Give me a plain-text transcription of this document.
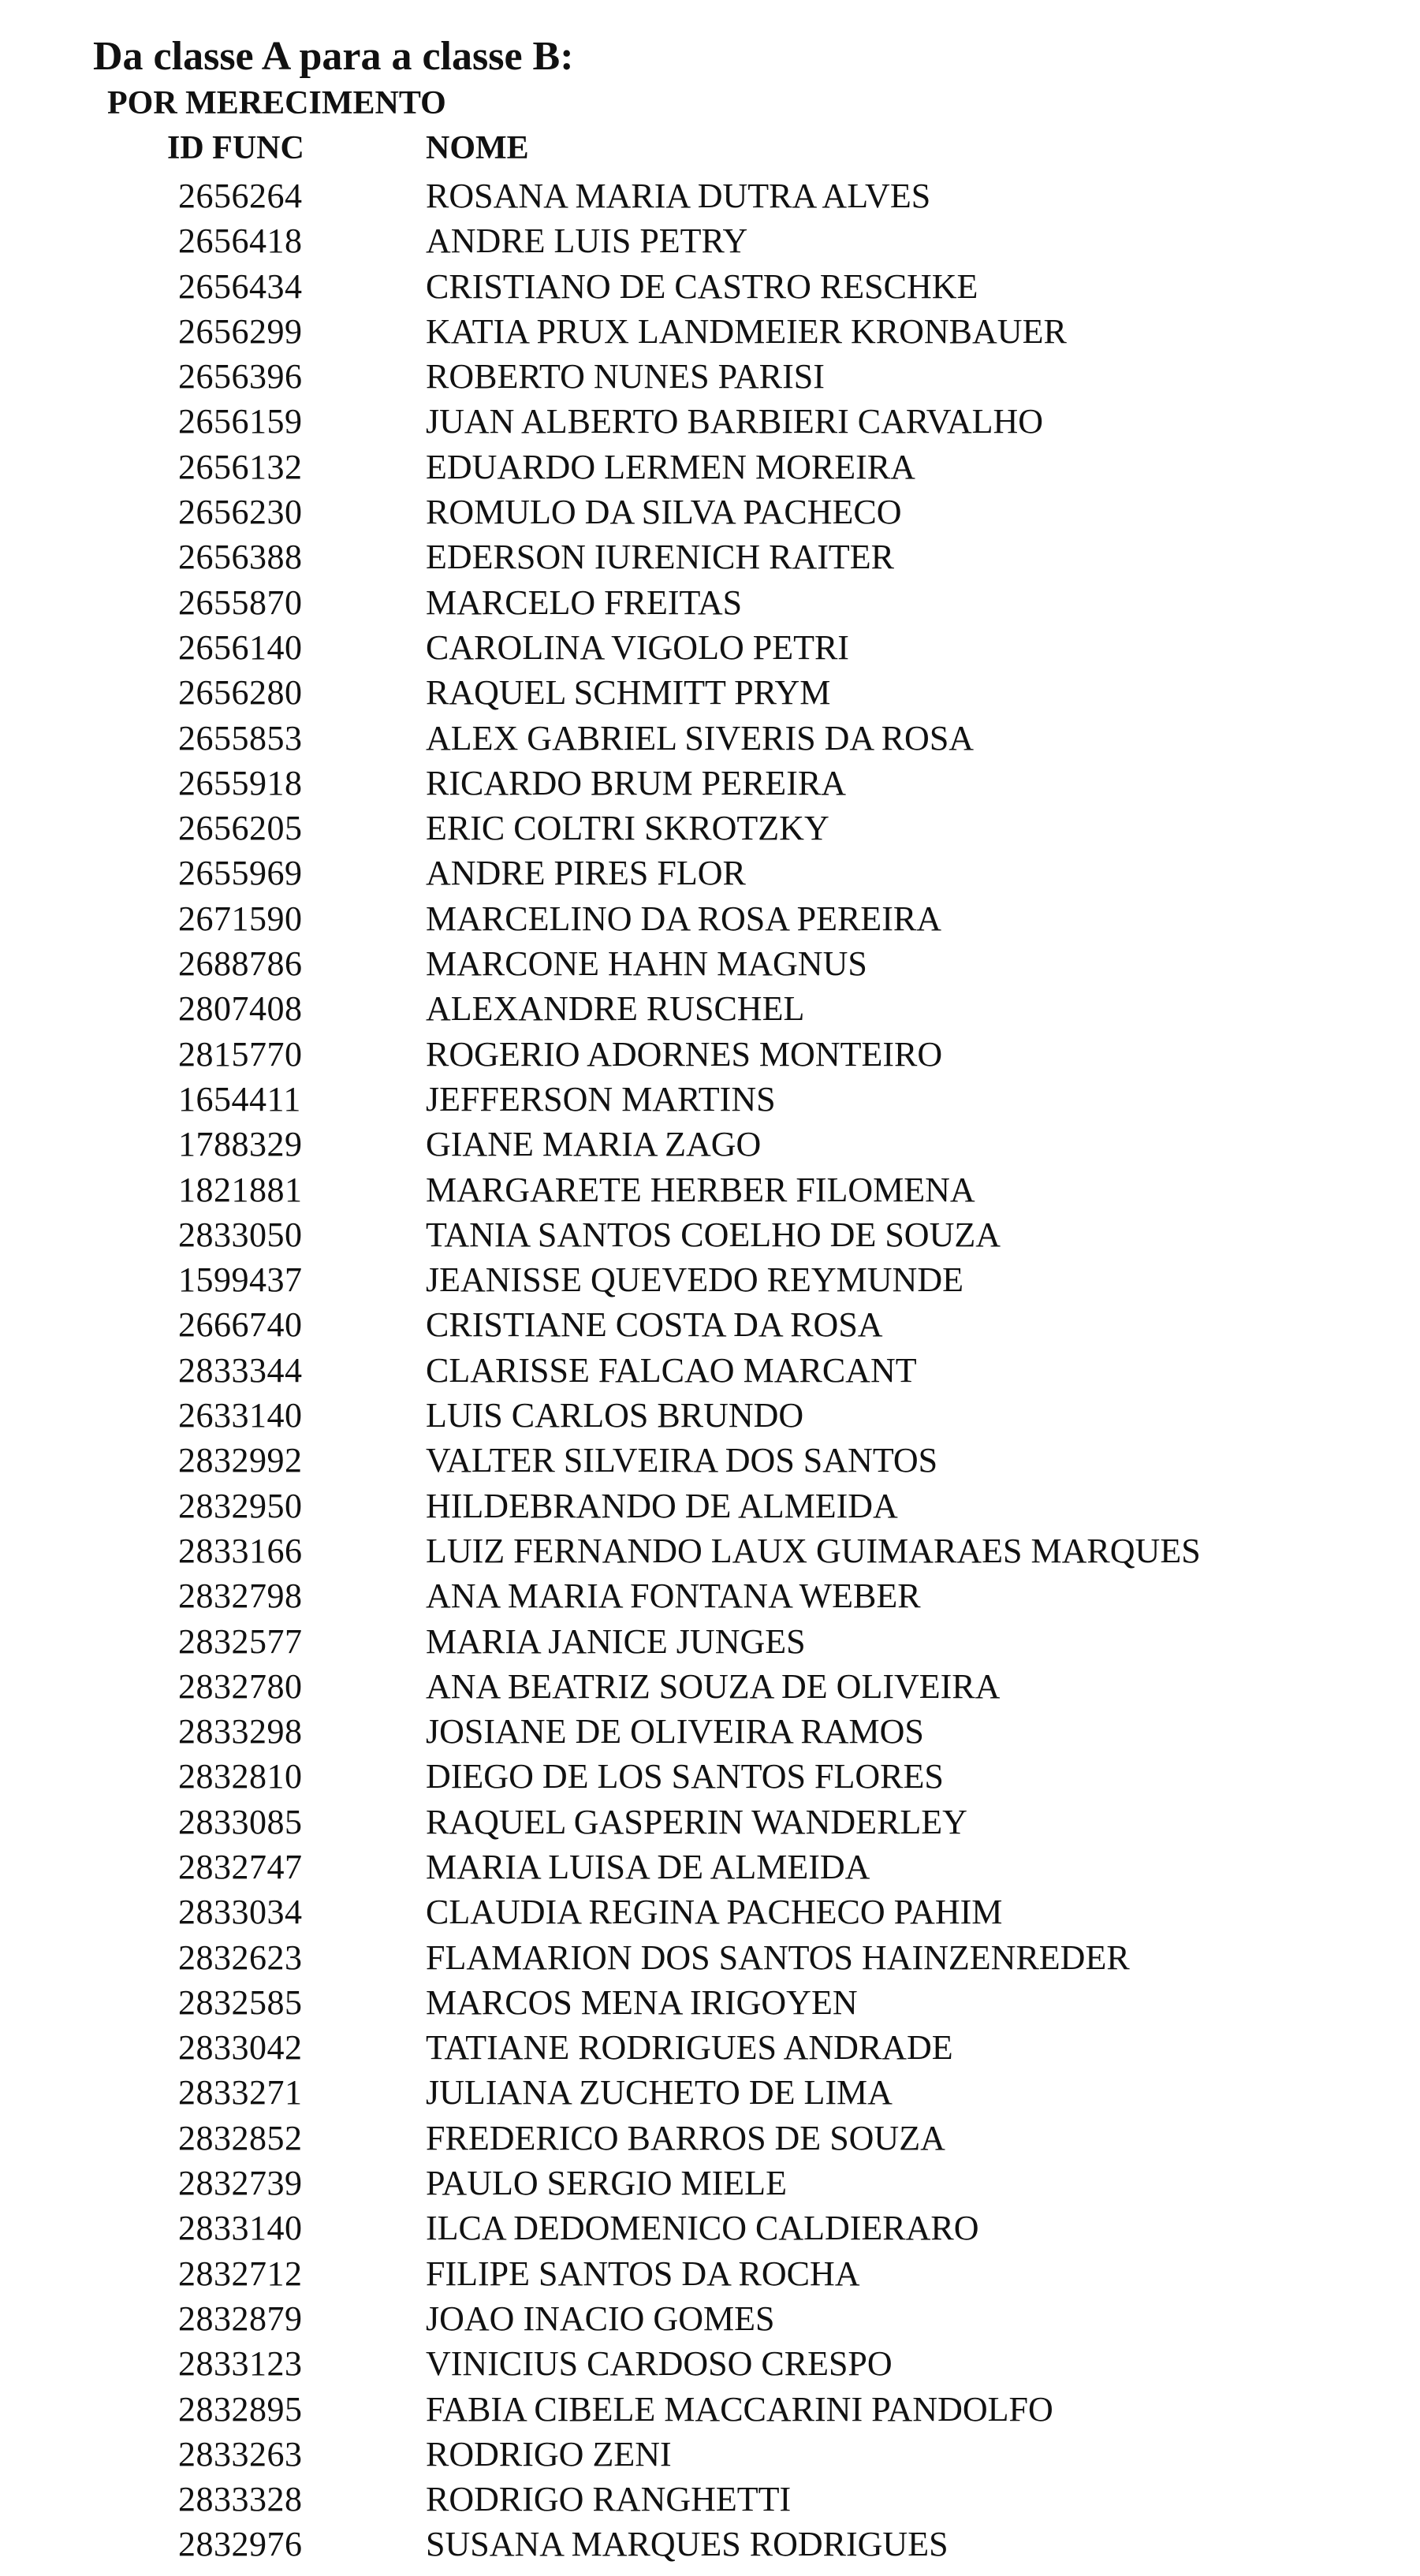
Da classe A para a classe B:
POR MERECIMENTO
ID FUNC	NOME
2656264	ROSANA MARIA DUTRA ALVES
2656418	ANDRE LUIS PETRY
2656434	CRISTIANO DE CASTRO RESCHKE
2656299	KATIA PRUX LANDMEIER KRONBAUER
2656396	ROBERTO NUNES PARISI
2656159	JUAN ALBERTO BARBIERI CARVALHO
2656132	EDUARDO LERMEN MOREIRA
2656230	ROMULO DA SILVA PACHECO
2656388	EDERSON IURENICH RAITER
2655870	MARCELO FREITAS
2656140	CAROLINA VIGOLO PETRI
2656280	RAQUEL SCHMITT PRYM
2655853	ALEX GABRIEL SIVERIS DA ROSA
2655918	RICARDO BRUM PEREIRA
2656205	ERIC COLTRI SKROTZKY
2655969	ANDRE PIRES FLOR
2671590	MARCELINO DA ROSA PEREIRA
2688786	MARCONE HAHN MAGNUS
2807408	ALEXANDRE RUSCHEL
2815770	ROGERIO ADORNES MONTEIRO
1654411	JEFFERSON MARTINS
1788329	GIANE MARIA ZAGO
1821881	MARGARETE HERBER FILOMENA
2833050	TANIA SANTOS COELHO DE SOUZA
1599437	JEANISSE QUEVEDO REYMUNDE
2666740	CRISTIANE COSTA DA ROSA
2833344	CLARISSE FALCAO MARCANT
2633140	LUIS CARLOS BRUNDO
2832992	VALTER SILVEIRA DOS SANTOS
2832950	HILDEBRANDO DE ALMEIDA
2833166	LUIZ FERNANDO LAUX GUIMARAES MARQUES
2832798	ANA MARIA FONTANA WEBER
2832577	MARIA JANICE JUNGES
2832780	ANA BEATRIZ SOUZA DE OLIVEIRA
2833298	JOSIANE DE OLIVEIRA RAMOS
2832810	DIEGO DE LOS SANTOS FLORES
2833085	RAQUEL GASPERIN WANDERLEY
2832747	MARIA LUISA DE ALMEIDA
2833034	CLAUDIA REGINA PACHECO PAHIM
2832623	FLAMARION DOS SANTOS HAINZENREDER
2832585	MARCOS MENA IRIGOYEN
2833042	TATIANE RODRIGUES ANDRADE
2833271	JULIANA ZUCHETO DE LIMA
2832852	FREDERICO BARROS DE SOUZA
2832739	PAULO SERGIO MIELE
2833140	ILCA DEDOMENICO CALDIERARO
2832712	FILIPE SANTOS DA ROCHA
2832879	JOAO INACIO GOMES
2833123	VINICIUS CARDOSO CRESPO
2832895	FABIA CIBELE MACCARINI PANDOLFO
2833263	RODRIGO ZENI
2833328	RODRIGO RANGHETTI
2832976	SUSANA MARQUES RODRIGUES
